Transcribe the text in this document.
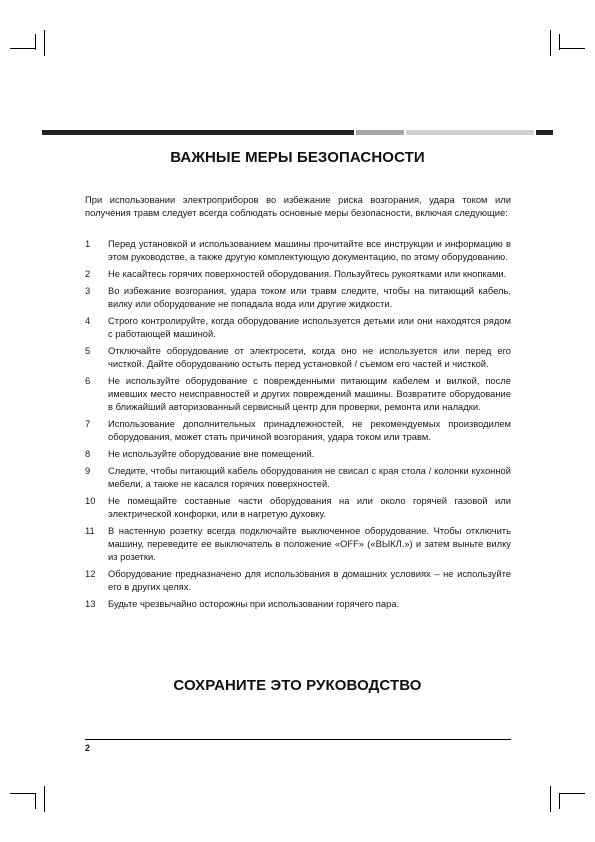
ВАЖНЫЕ МЕРЫ БЕЗОПАСНОСТИ

При использовании электроприборов во избежание риска возгорания, удара током или получения травм следует всегда соблюдать основные меры безопасности, включая следующие:

1 Перед установкой и использованием машины прочитайте все инструкции и информацию в этом руководстве, а также другую комплектующую документацию, по этому оборудованию.
2 Не касайтесь горячих поверхностей оборудования. Пользуйтесь рукоятками или кнопками.
3 Во избежание возгорания, удара током или травм следите, чтобы на питающий кабель, вилку или оборудование не попадала вода или другие жидкости.
4 Строго контролируйте, когда оборудование используется детьми или они находятся рядом с работающей машиной.
5 Отключайте оборудование от электросети, когда оно не используется или перед его чисткой. Дайте оборудованию остыть перед установкой / съемом его частей и чисткой.
6 Не используйте оборудование с поврежденными питающим кабелем и вилкой, после имевших место неисправностей и других повреждений машины. Возвратите оборудование в ближайший авторизованный сервисный центр для проверки, ремонта или наладки.
7 Использование дополнительных принадлежностей, не рекомендуемых производилем оборудования, может стать причиной возгорания, удара током или травм.
8 Не используйте оборудование вне помещений.
9 Следите, чтобы питающий кабель оборудования не свисал с края стола / колонки кухонной мебели, а также не касался горячих поверхностей.
10 Не помещайте составные части оборудования на или около горячей газовой или электрической конфорки, или в нагретую духовку.
11 В настенную розетку всегда подключайте выключенное оборудование. Чтобы отключить машину, переведите ее выключатель в положение «OFF» («ВЫКЛ.») и затем выньте вилку из розетки.
12 Оборудование предназначено для использования в домашних условиях – не используйте его в других целях.
13 Будьте чрезвычайно осторожны при использовании горячего пара.
СОХРАНИТЕ ЭТО РУКОВОДСТВО
2
